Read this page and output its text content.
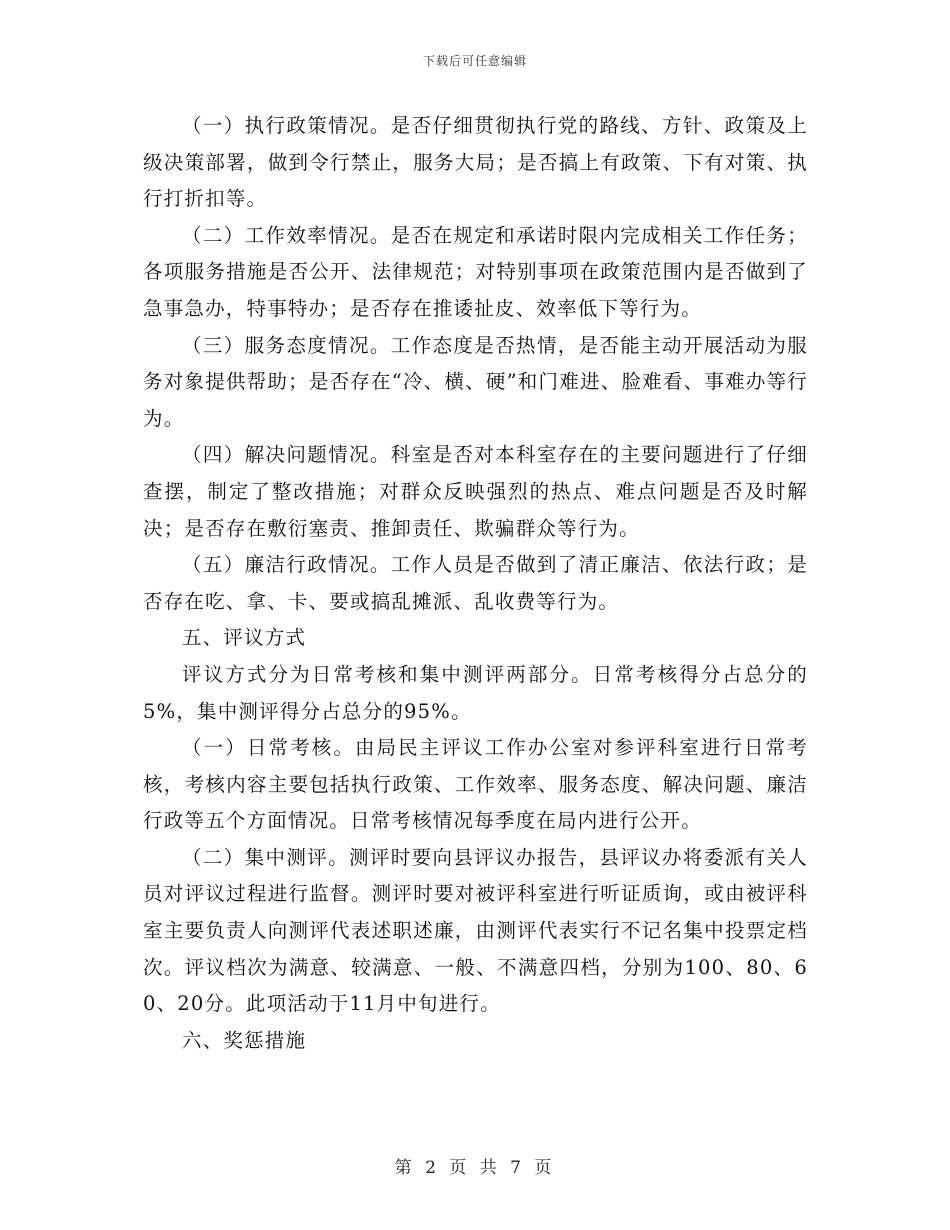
下载后可任意编辑

（一）执行政策情况。是否仔细贯彻执行党的路线、方针、政策及上级决策部署，做到令行禁止，服务大局；是否搞上有政策、下有对策、执行打折扣等。

（二）工作效率情况。是否在规定和承诺时限内完成相关工作任务；各项服务措施是否公开、法律规范；对特别事项在政策范围内是否做到了急事急办，特事特办；是否存在推诿扯皮、效率低下等行为。

（三）服务态度情况。工作态度是否热情，是否能主动开展活动为服务对象提供帮助；是否存在“冷、横、硬”和门难进、脸难看、事难办等行为。

（四）解决问题情况。科室是否对本科室存在的主要问题进行了仔细查摆，制定了整改措施；对群众反映强烈的热点、难点问题是否及时解决；是否存在敷衍塞责、推卸责任、欺骗群众等行为。

（五）廉洁行政情况。工作人员是否做到了清正廉洁、依法行政；是否存在吃、拿、卡、要或搞乱摊派、乱收费等行为。

五、评议方式

评议方式分为日常考核和集中测评两部分。日常考核得分占总分的5%，集中测评得分占总分的95%。

（一）日常考核。由局民主评议工作办公室对参评科室进行日常考核，考核内容主要包括执行政策、工作效率、服务态度、解决问题、廉洁行政等五个方面情况。日常考核情况每季度在局内进行公开。

（二）集中测评。测评时要向县评议办报告，县评议办将委派有关人员对评议过程进行监督。测评时要对被评科室进行听证质询，或由被评科室主要负责人向测评代表述职述廉，由测评代表实行不记名集中投票定档次。评议档次为满意、较满意、一般、不满意四档，分别为100、80、60、20分。此项活动于11月中旬进行。

六、奖惩措施

第 2 页 共 7 页
